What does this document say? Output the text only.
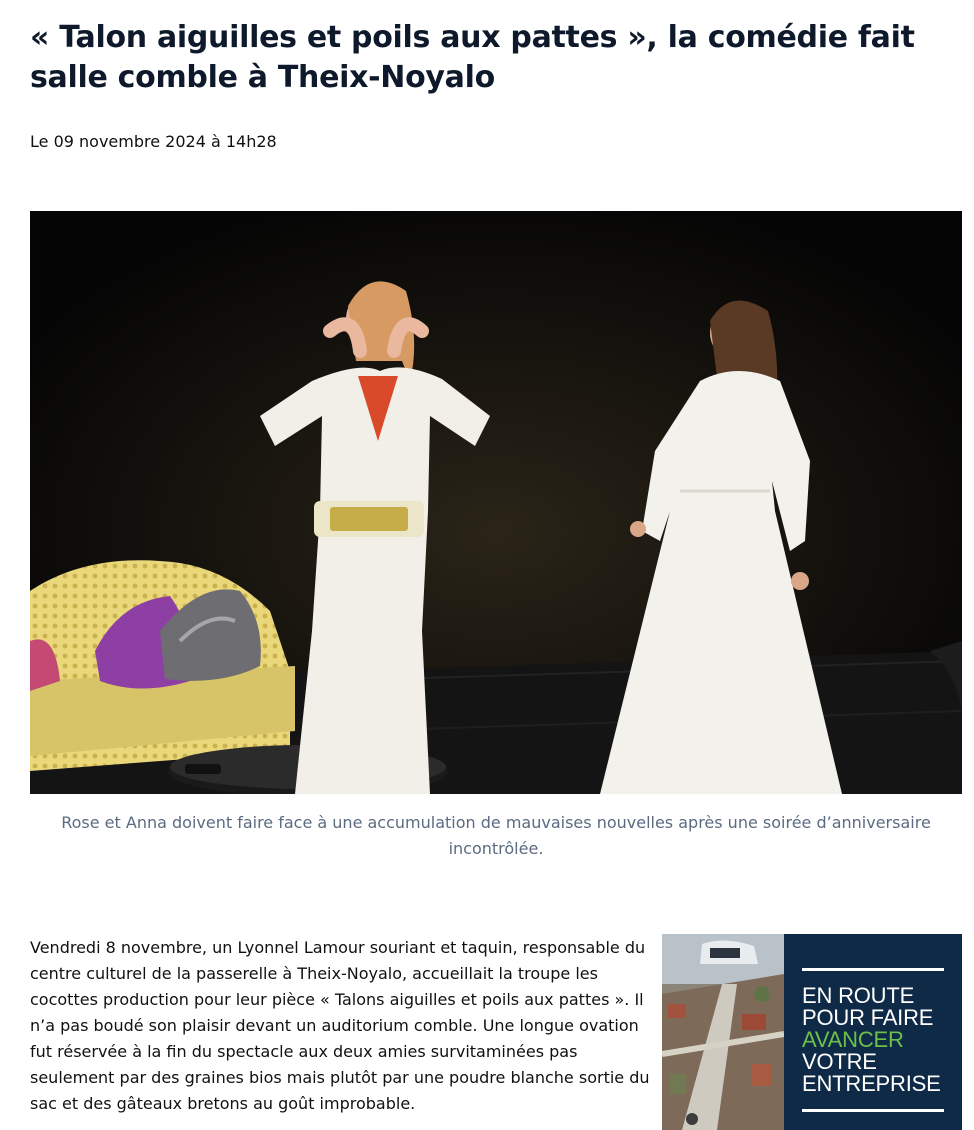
« Talon aiguilles et poils aux pattes », la comédie fait salle comble à Theix-Noyalo

Le 09 novembre 2024 à 14h28

Rose et Anna doivent faire face à une accumulation de mauvaises nouvelles après une soirée d’anniversaire incontrôlée.

Vendredi 8 novembre, un Lyonnel Lamour souriant et taquin, responsable du centre culturel de la passerelle à Theix-Noyalo, accueillait la troupe les cocottes production pour leur pièce « Talons aiguilles et poils aux pattes ». Il n’a pas boudé son plaisir devant un auditorium comble. Une longue ovation fut réservée à la fin du spectacle aux deux amies survitaminées pas seulement par des graines bios mais plutôt par une poudre blanche sortie du sac et des gâteaux bretons au goût improbable.

EN ROUTE
POUR FAIRE
AVANCER
VOTRE
ENTREPRISE
